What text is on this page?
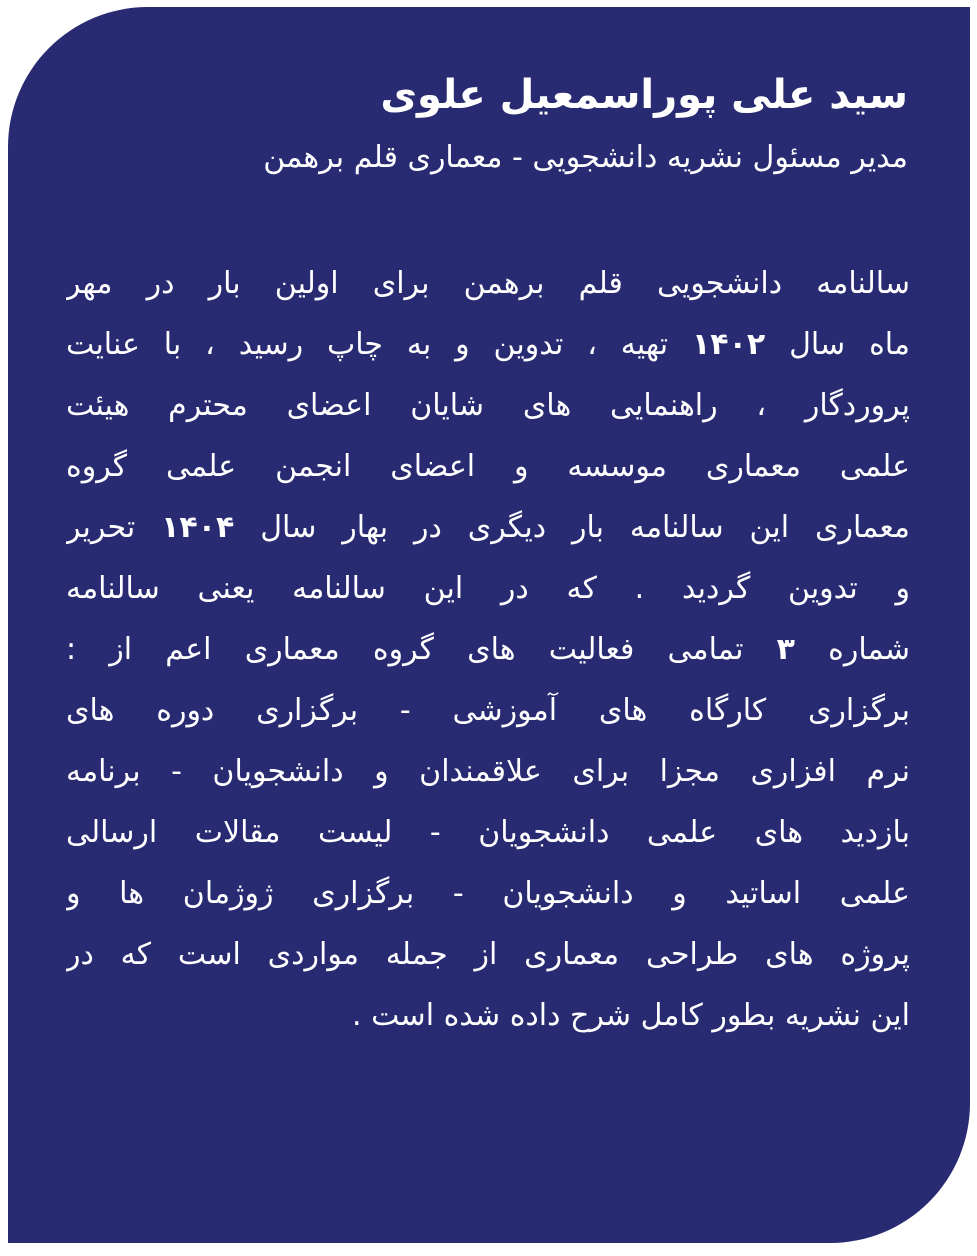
سید علی پوراسمعیل علوی
مدیر مسئول نشریه دانشجویی - معماری قلم برهمن
سالنامه دانشجویی قلم برهمن برای اولین بار در مهر
ماه سال ۱۴۰۲ تهیه ، تدوین و به چاپ رسید ، با عنایت
پروردگار ، راهنمایی های شایان اعضای محترم هیئت
علمی معماری موسسه و اعضای انجمن علمی گروه
معماری این سالنامه بار دیگری در بهار سال ۱۴۰۴ تحریر
و تدوین گردید . که در این سالنامه یعنی سالنامه
شماره ۳ تمامی فعالیت های گروه معماری اعم از :
برگزاری کارگاه های آموزشی - برگزاری دوره های
نرم افزاری مجزا برای علاقمندان و دانشجویان - برنامه
بازدید های علمی دانشجویان - لیست مقالات ارسالی
علمی اساتید و دانشجویان - برگزاری ژوژمان ها و
پروژه های طراحی معماری از جمله مواردی است که در
این نشریه بطور کامل شرح داده شده است .
